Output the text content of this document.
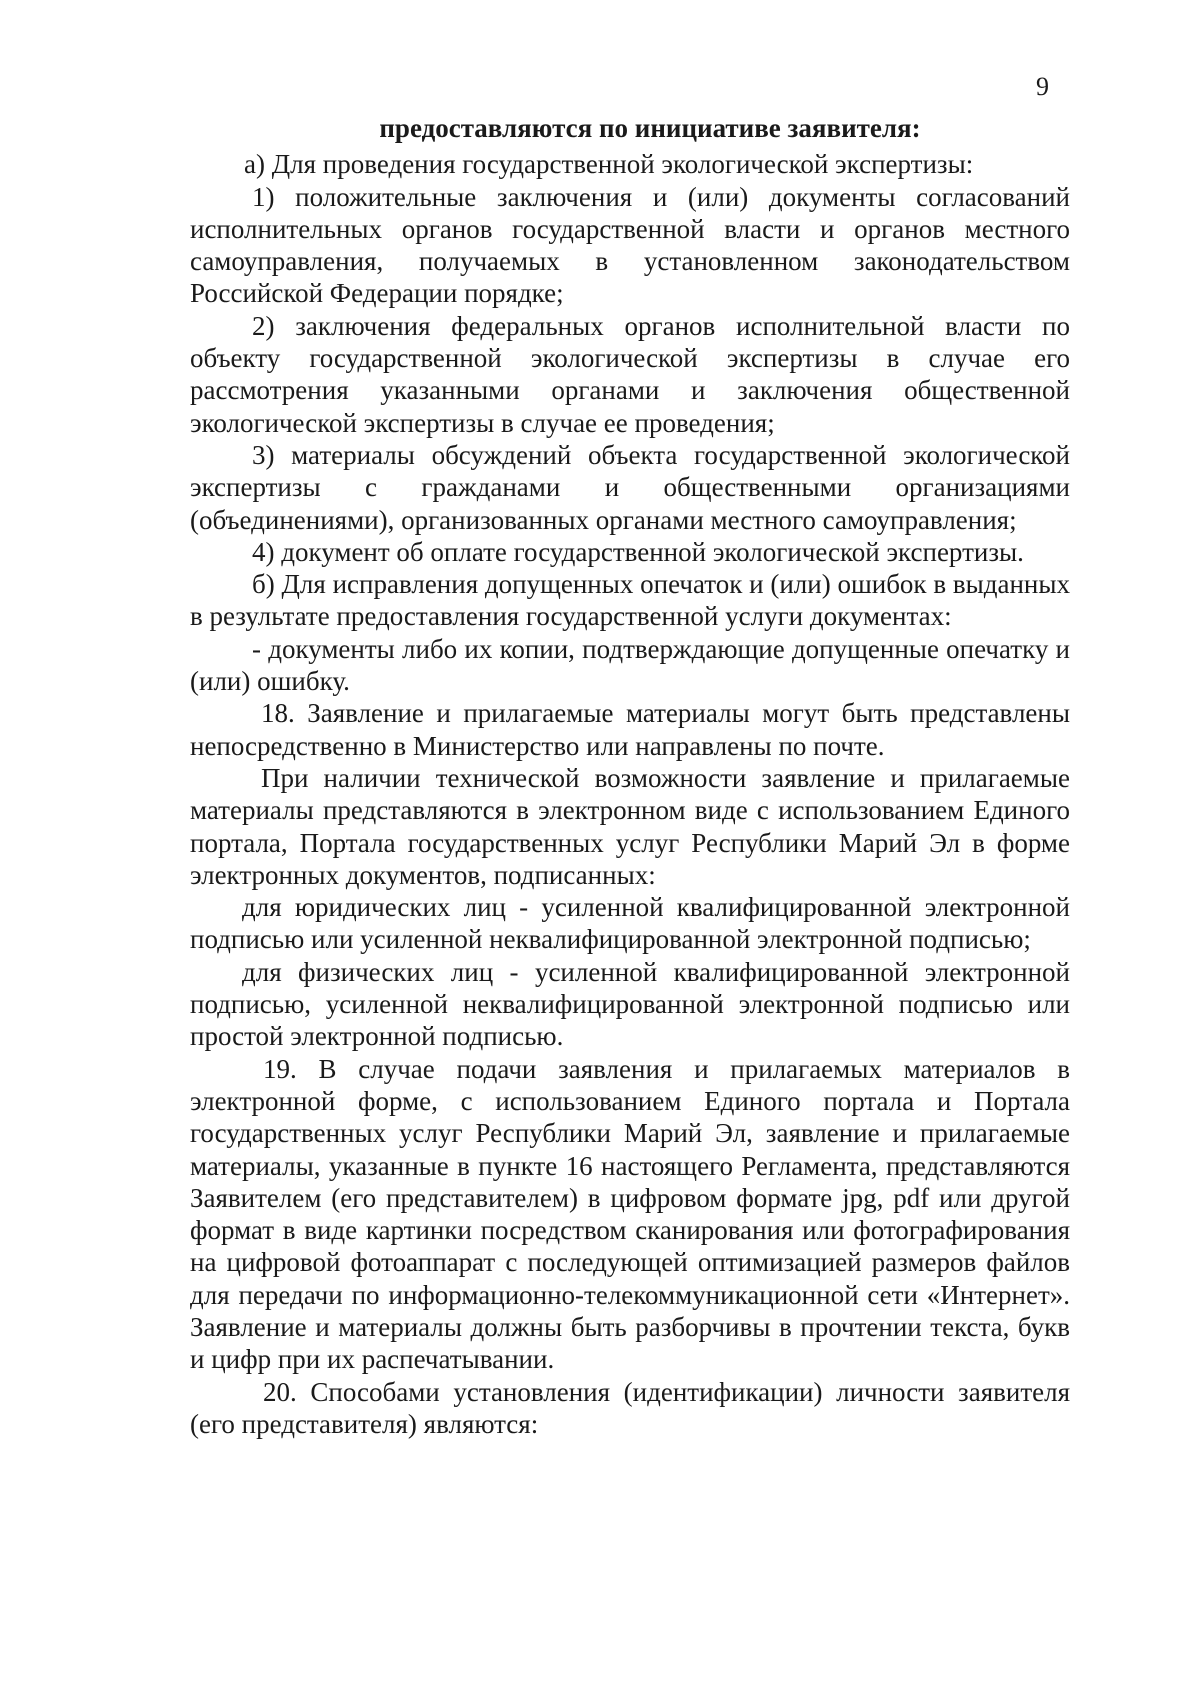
9

предоставляются по инициативе заявителя:

а) Для проведения государственной экологической экспертизы:

1) положительные заключения и (или) документы согласований исполнительных органов государственной власти и органов местного самоуправления, получаемых в установленном законодательством Российской Федерации порядке;

2) заключения федеральных органов исполнительной власти по объекту государственной экологической экспертизы в случае его рассмотрения указанными органами и заключения общественной экологической экспертизы в случае ее проведения;

3) материалы обсуждений объекта государственной экологической экспертизы с гражданами и общественными организациями (объединениями), организованных органами местного самоуправления;

4) документ об оплате государственной экологической экспертизы.

б) Для исправления допущенных опечаток и (или) ошибок в выданных в результате предоставления государственной услуги документах:

- документы либо их копии, подтверждающие допущенные опечатку и (или) ошибку.

18. Заявление и прилагаемые материалы могут быть представлены непосредственно в Министерство или направлены по почте.

При наличии технической возможности заявление и прилагаемые материалы представляются в электронном виде с использованием Единого портала, Портала государственных услуг Республики Марий Эл в форме электронных документов, подписанных:

для юридических лиц - усиленной квалифицированной электронной подписью или усиленной неквалифицированной электронной подписью;

для физических лиц - усиленной квалифицированной электронной подписью, усиленной неквалифицированной электронной подписью или простой электронной подписью.

19. В случае подачи заявления и прилагаемых материалов в электронной форме, с использованием Единого портала и Портала государственных услуг Республики Марий Эл, заявление и прилагаемые материалы, указанные в пункте 16 настоящего Регламента, представляются Заявителем (его представителем) в цифровом формате jpg, pdf или другой формат в виде картинки посредством сканирования или фотографирования на цифровой фотоаппарат с последующей оптимизацией размеров файлов для передачи по информационно-телекоммуникационной сети «Интернет». Заявление и материалы должны быть разборчивы в прочтении текста, букв и цифр при их распечатывании.

20. Способами установления (идентификации) личности заявителя (его представителя) являются:
